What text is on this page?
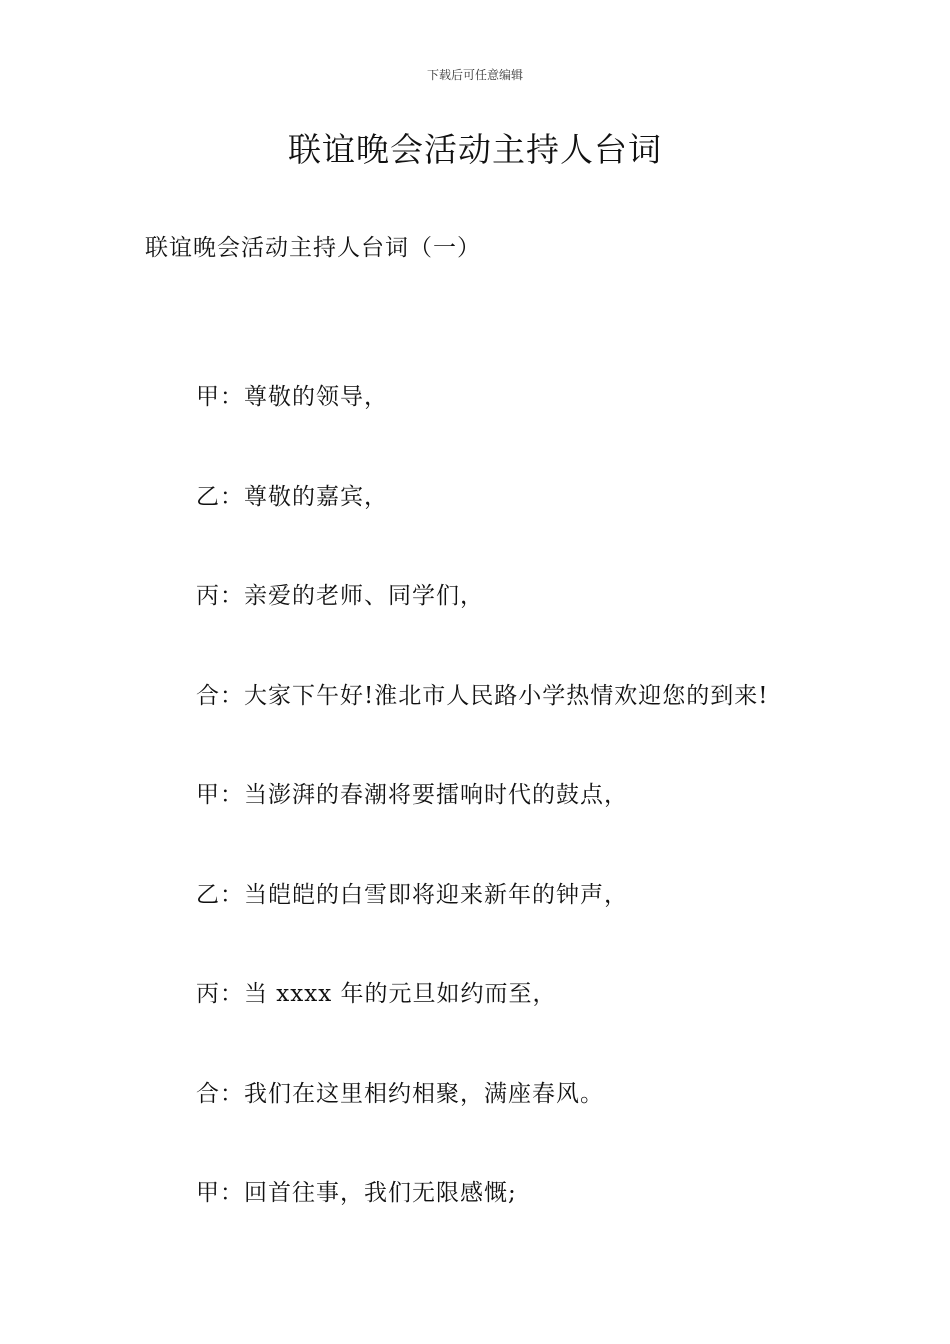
下载后可任意编辑
联谊晚会活动主持人台词
联谊晚会活动主持人台词（一）
甲：尊敬的领导，
乙：尊敬的嘉宾，
丙：亲爱的老师、同学们，
合：大家下午好!淮北市人民路小学热情欢迎您的到来!
甲：当澎湃的春潮将要擂响时代的鼓点，
乙：当皑皑的白雪即将迎来新年的钟声，
丙：当 xxxx 年的元旦如约而至，
合：我们在这里相约相聚，满座春风。
甲：回首往事，我们无限感慨;
